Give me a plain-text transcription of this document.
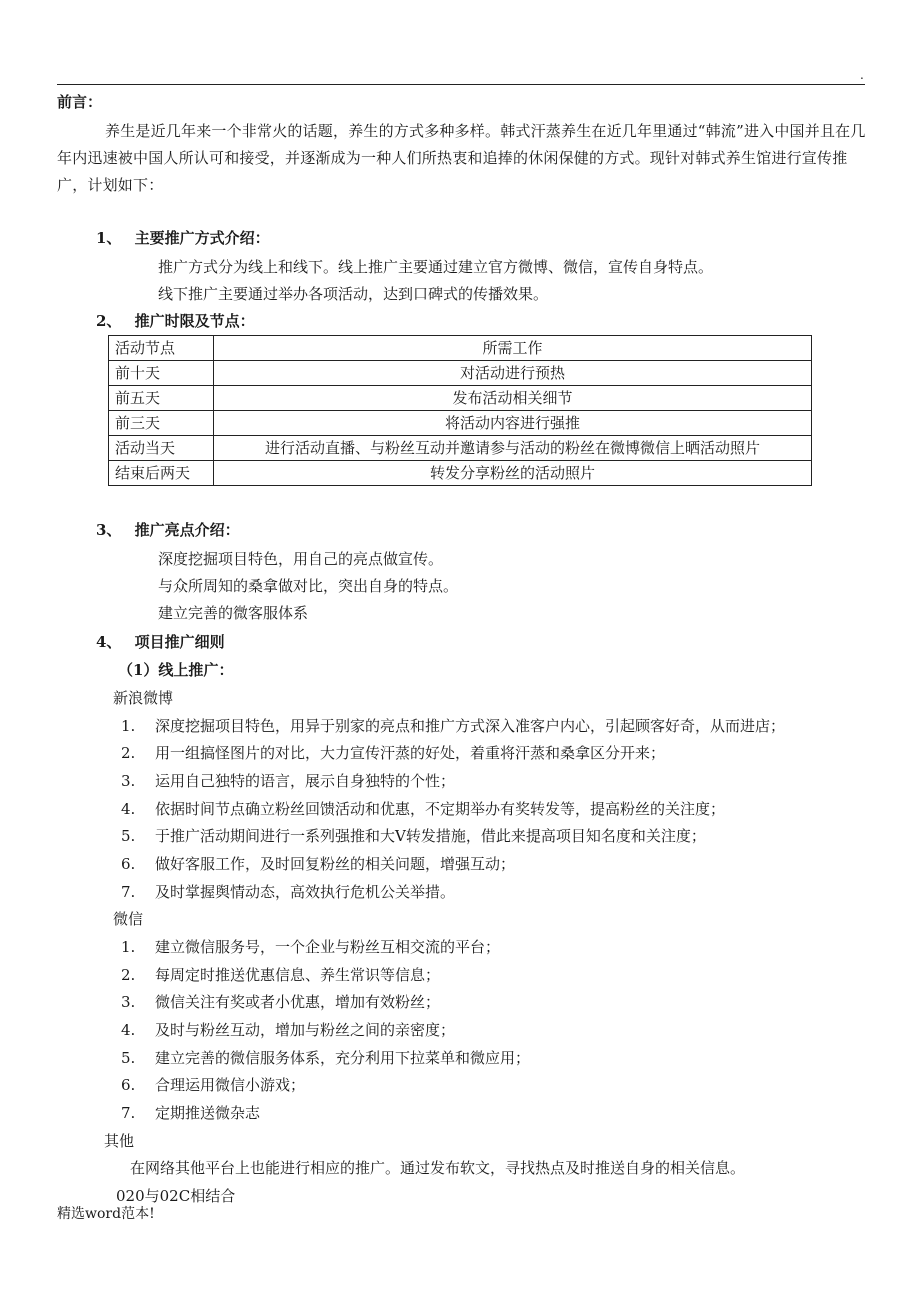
.
前言：
养生是近几年来一个非常火的话题，养生的方式多种多样。韩式汗蒸养生在近几年里通过“韩流”进入中国并且在几年内迅速被中国人所认可和接受，并逐渐成为一种人们所热衷和追捧的休闲保健的方式。现针对韩式养生馆进行宣传推广，计划如下：
1、 主要推广方式介绍：
推广方式分为线上和线下。线上推广主要通过建立官方微博、微信，宣传自身特点。
线下推广主要通过举办各项活动，达到口碑式的传播效果。
2、 推广时限及节点：
活动节点	所需工作
前十天	对活动进行预热
前五天	发布活动相关细节
前三天	将活动内容进行强推
活动当天	进行活动直播、与粉丝互动并邀请参与活动的粉丝在微博微信上晒活动照片
结束后两天	转发分享粉丝的活动照片
3、 推广亮点介绍：
深度挖掘项目特色，用自己的亮点做宣传。
与众所周知的桑拿做对比，突出自身的特点。
建立完善的微客服体系
4、 项目推广细则
（1）线上推广：
新浪微博
1. 深度挖掘项目特色，用异于别家的亮点和推广方式深入准客户内心，引起顾客好奇，从而进店；
2. 用一组搞怪图片的对比，大力宣传汗蒸的好处，着重将汗蒸和桑拿区分开来；
3. 运用自己独特的语言，展示自身独特的个性；
4. 依据时间节点确立粉丝回馈活动和优惠，不定期举办有奖转发等，提高粉丝的关注度；
5. 于推广活动期间进行一系列强推和大V转发措施，借此来提高项目知名度和关注度；
6. 做好客服工作，及时回复粉丝的相关问题，增强互动；
7. 及时掌握舆情动态，高效执行危机公关举措。
微信
1. 建立微信服务号，一个企业与粉丝互相交流的平台；
2. 每周定时推送优惠信息、养生常识等信息；
3. 微信关注有奖或者小优惠，增加有效粉丝；
4. 及时与粉丝互动，增加与粉丝之间的亲密度；
5. 建立完善的微信服务体系，充分利用下拉菜单和微应用；
6. 合理运用微信小游戏；
7. 定期推送微杂志
其他
在网络其他平台上也能进行相应的推广。通过发布软文，寻找热点及时推送自身的相关信息。
020与02C相结合
精选word范本!
